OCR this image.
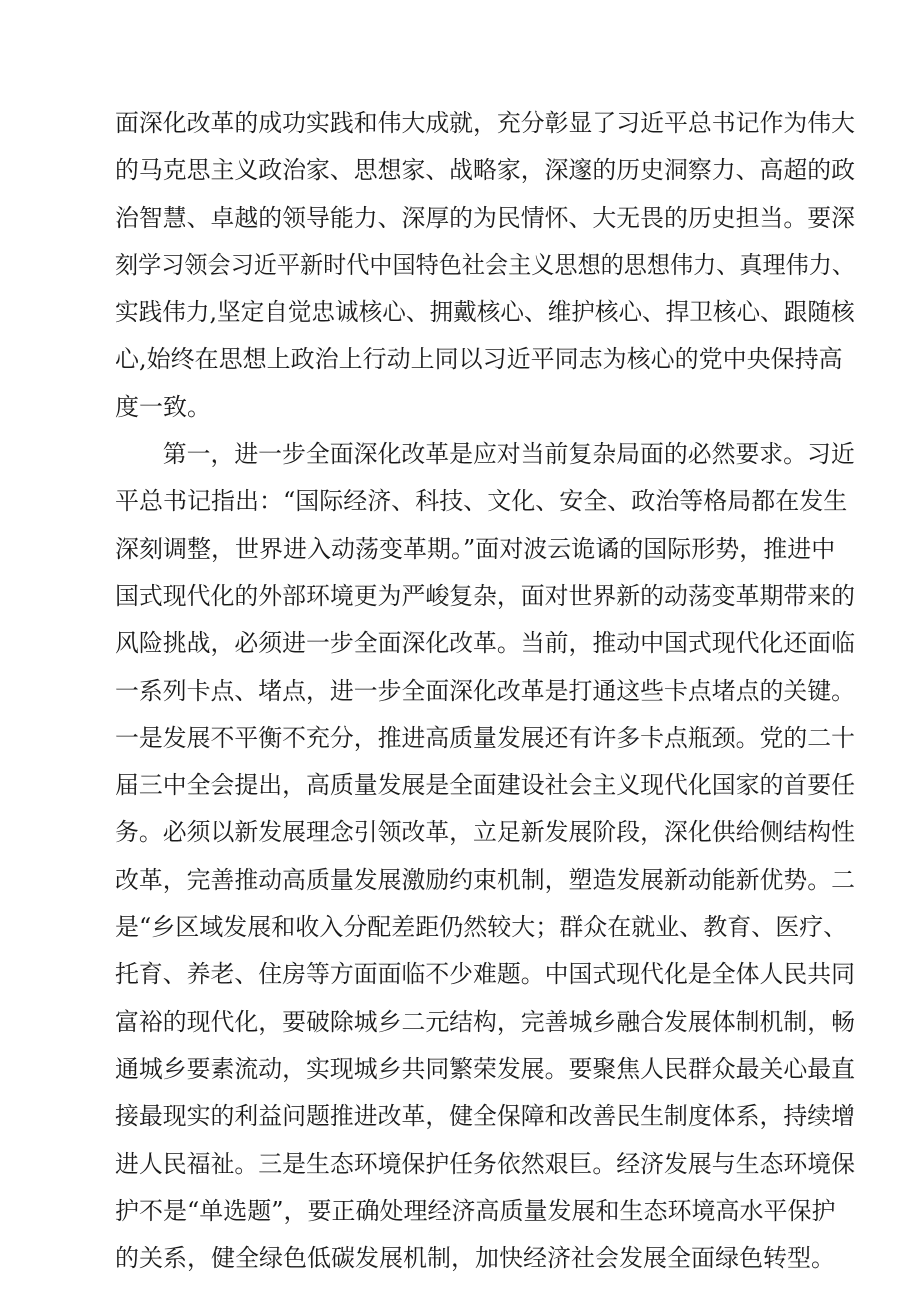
面深化改革的成功实践和伟大成就，充分彰显了习近平总书记作为伟大
的马克思主义政治家、思想家、战略家，深邃的历史洞察力、高超的政
治智慧、卓越的领导能力、深厚的为民情怀、大无畏的历史担当。要深
刻学习领会习近平新时代中国特色社会主义思想的思想伟力、真理伟力、
实践伟力,坚定自觉忠诚核心、拥戴核心、维护核心、捍卫核心、跟随核
心,始终在思想上政治上行动上同以习近平同志为核心的党中央保持高
度一致。
第一，进一步全面深化改革是应对当前复杂局面的必然要求。习近
平总书记指出：“国际经济、科技、文化、安全、政治等格局都在发生
深刻调整，世界进入动荡变革期。”面对波云诡谲的国际形势，推进中
国式现代化的外部环境更为严峻复杂，面对世界新的动荡变革期带来的
风险挑战，必须进一步全面深化改革。当前，推动中国式现代化还面临
一系列卡点、堵点，进一步全面深化改革是打通这些卡点堵点的关键。
一是发展不平衡不充分，推进高质量发展还有许多卡点瓶颈。党的二十
届三中全会提出，高质量发展是全面建设社会主义现代化国家的首要任
务。必须以新发展理念引领改革，立足新发展阶段，深化供给侧结构性
改革，完善推动高质量发展激励约束机制，塑造发展新动能新优势。二
是“乡区域发展和收入分配差距仍然较大；群众在就业、教育、医疗、
托育、养老、住房等方面面临不少难题。中国式现代化是全体人民共同
富裕的现代化，要破除城乡二元结构，完善城乡融合发展体制机制，畅
通城乡要素流动，实现城乡共同繁荣发展。要聚焦人民群众最关心最直
接最现实的利益问题推进改革，健全保障和改善民生制度体系，持续增
进人民福祉。三是生态环境保护任务依然艰巨。经济发展与生态环境保
护不是“单选题”，要正确处理经济高质量发展和生态环境高水平保护
的关系，健全绿色低碳发展机制，加快经济社会发展全面绿色转型。
